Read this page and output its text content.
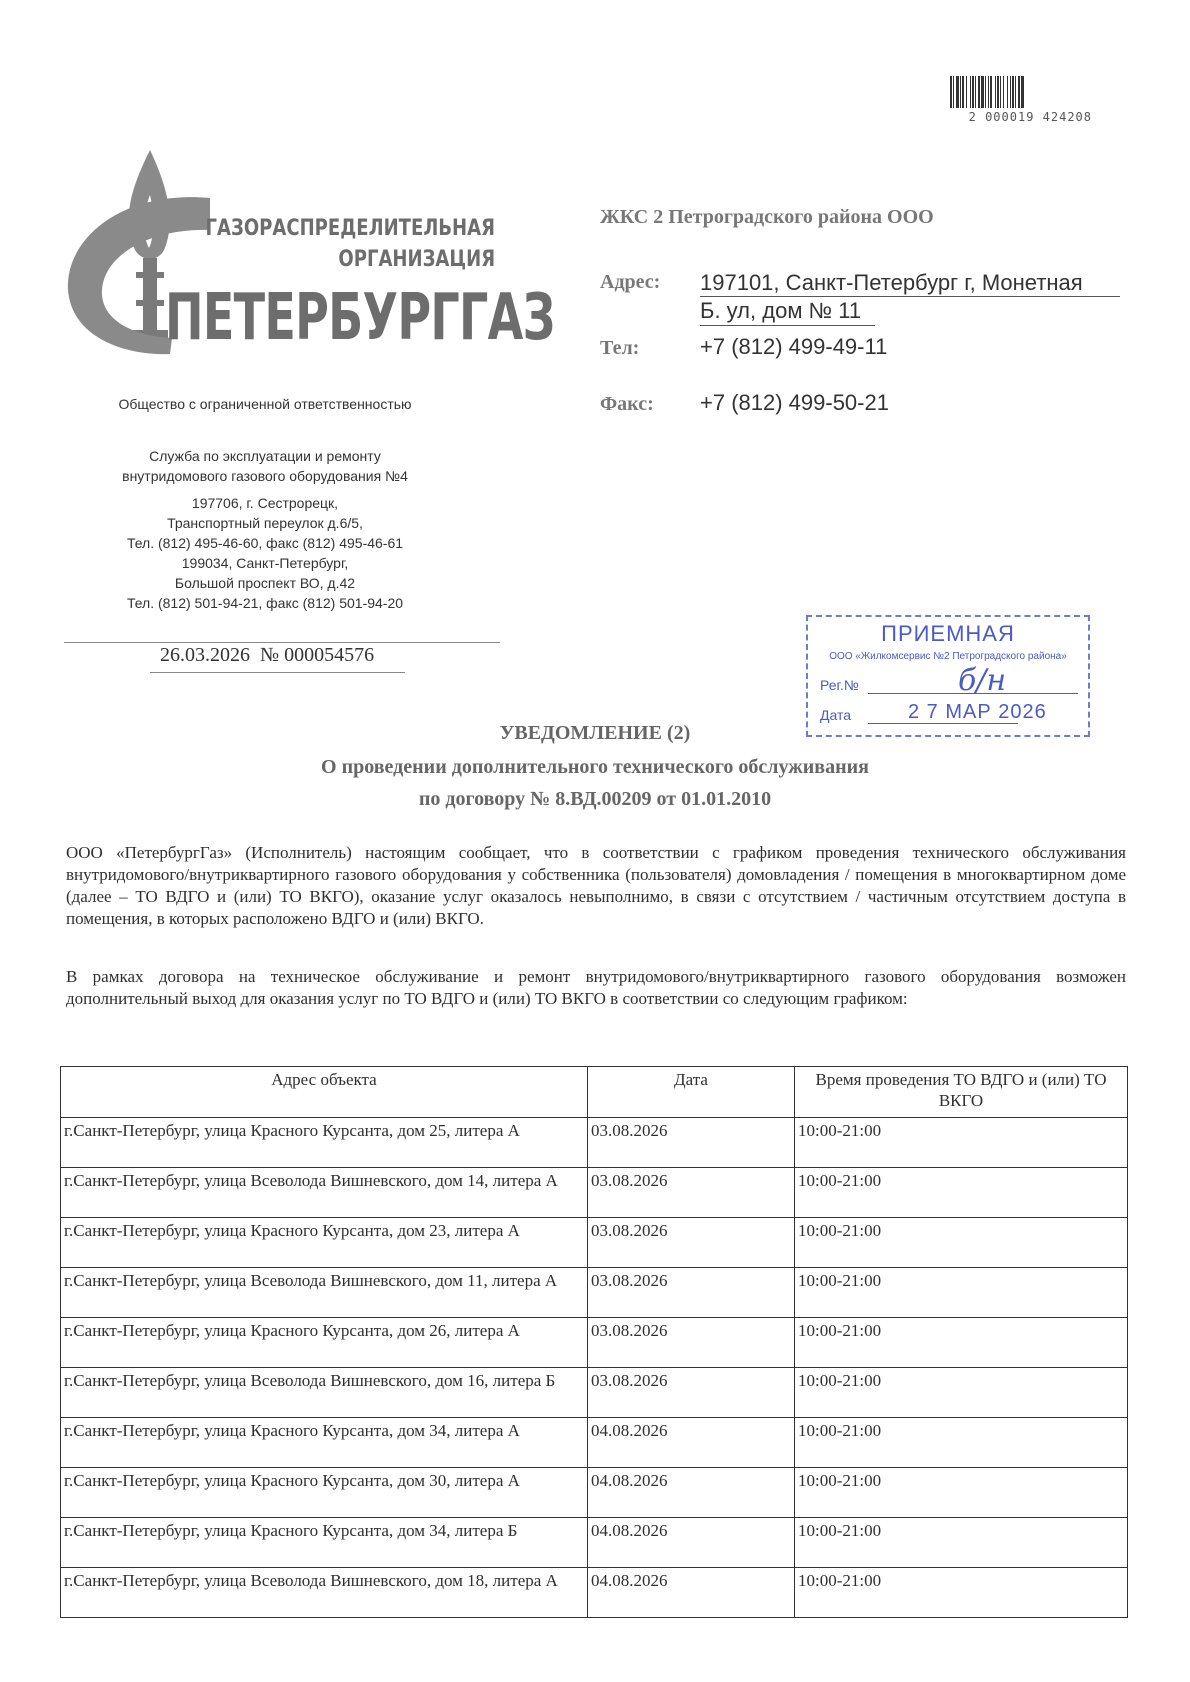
2 000019 424208
ГАЗОРАСПРЕДЕЛИТЕЛЬНАЯ
ОРГАНИЗАЦИЯ
ПЕТЕРБУРГГАЗ
Общество с ограниченной ответственностью
Служба по эксплуатации и ремонту
внутридомового газового оборудования №4
197706, г. Сестрорецк,
Транспортный переулок д.6/5,
Тел. (812) 495-46-60, факс (812) 495-46-61
199034, Санкт-Петербург,
Большой проспект ВО, д.42
Тел. (812) 501-94-21, факс (812) 501-94-20
26.03.2026  № 000054576
ЖКС 2 Петроградского района ООО
Адрес: 197101, Санкт-Петербург г, Монетная
Б. ул, дом № 11
Тел:	+7 (812) 499-49-11
Факс: +7 (812) 499-50-21
ПРИЕМНАЯ
ООО «Жилкомсервис №2 Петроградского района»
Рег.№	б/н
Дата	2 7 МАР 2026
УВЕДОМЛЕНИЕ (2)
О проведении дополнительного технического обслуживания
по договору № 8.ВД.00209 от 01.01.2010
ООО «ПетербургГаз» (Исполнитель) настоящим сообщает, что в соответствии с графиком проведения технического обслуживания внутридомового/внутриквартирного газового оборудования у собственника (пользователя) домовладения / помещения в многоквартирном доме (далее – ТО ВДГО и (или) ТО ВКГО), оказание услуг оказалось невыполнимо, в связи с отсутствием / частичным отсутствием доступа в помещения, в которых расположено ВДГО и (или) ВКГО.
В рамках договора на техническое обслуживание и ремонт внутридомового/внутриквартирного газового оборудования возможен дополнительный выход для оказания услуг по ТО ВДГО и (или) ТО ВКГО в соответствии со следующим графиком:
Адрес объекта	Дата	Время проведения ТО ВДГО и (или) ТО ВКГО
г.Санкт-Петербург, улица Красного Курсанта, дом 25, литера А	03.08.2026	10:00-21:00
г.Санкт-Петербург, улица Всеволода Вишневского, дом 14, литера А	03.08.2026	10:00-21:00
г.Санкт-Петербург, улица Красного Курсанта, дом 23, литера А	03.08.2026	10:00-21:00
г.Санкт-Петербург, улица Всеволода Вишневского, дом 11, литера А	03.08.2026	10:00-21:00
г.Санкт-Петербург, улица Красного Курсанта, дом 26, литера А	03.08.2026	10:00-21:00
г.Санкт-Петербург, улица Всеволода Вишневского, дом 16, литера Б	03.08.2026	10:00-21:00
г.Санкт-Петербург, улица Красного Курсанта, дом 34, литера А	04.08.2026	10:00-21:00
г.Санкт-Петербург, улица Красного Курсанта, дом 30, литера А	04.08.2026	10:00-21:00
г.Санкт-Петербург, улица Красного Курсанта, дом 34, литера Б	04.08.2026	10:00-21:00
г.Санкт-Петербург, улица Всеволода Вишневского, дом 18, литера А	04.08.2026	10:00-21:00
